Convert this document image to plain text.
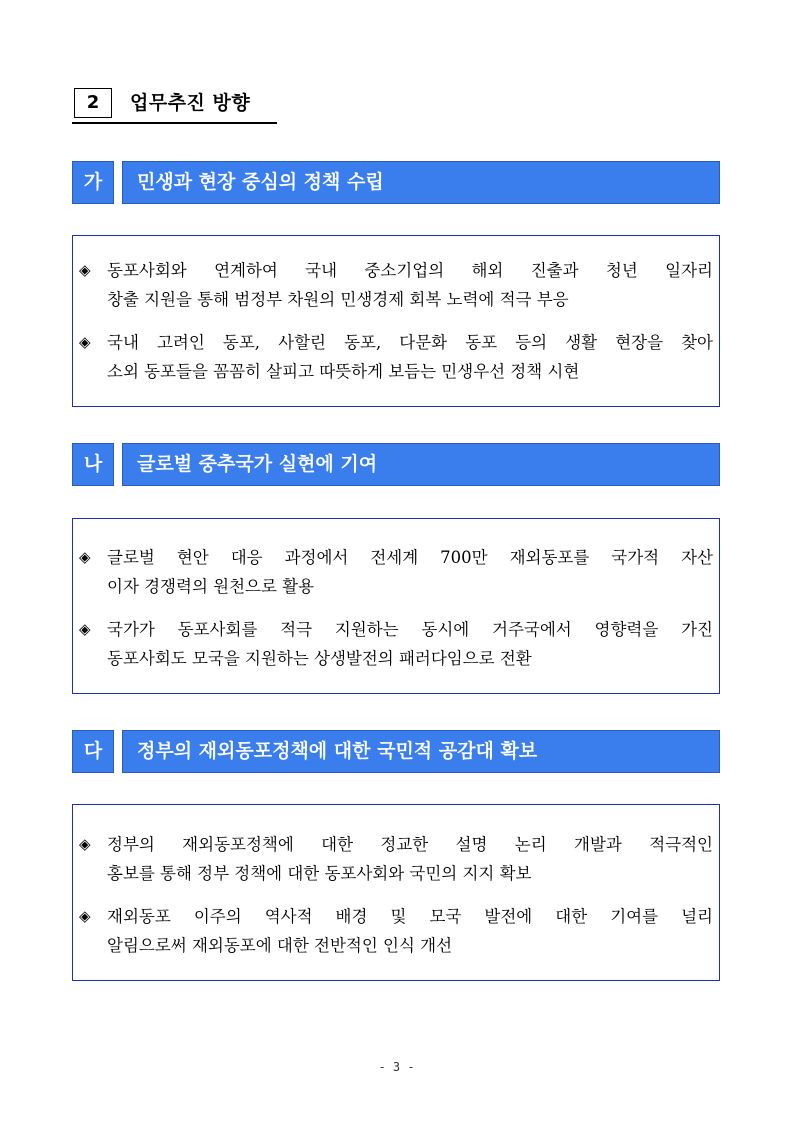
2	업무추진 방향
가	민생과 현장 중심의 정책 수립
◈ 동포사회와 연계하여 국내 중소기업의 해외 진출과 청년 일자리
창출 지원을 통해 범정부 차원의 민생경제 회복 노력에 적극 부응
◈ 국내 고려인 동포, 사할린 동포, 다문화 동포 등의 생활 현장을 찾아
소외 동포들을 꼼꼼히 살피고 따뜻하게 보듬는 민생우선 정책 시현
나	글로벌 중추국가 실현에 기여
◈ 글로벌 현안 대응 과정에서 전세계 700만 재외동포를 국가적 자산
이자 경쟁력의 원천으로 활용
◈ 국가가 동포사회를 적극 지원하는 동시에 거주국에서 영향력을 가진
동포사회도 모국을 지원하는 상생발전의 패러다임으로 전환
다	정부의 재외동포정책에 대한 국민적 공감대 확보
◈ 정부의 재외동포정책에 대한 정교한 설명 논리 개발과 적극적인
홍보를 통해 정부 정책에 대한 동포사회와 국민의 지지 확보
◈ 재외동포 이주의 역사적 배경 및 모국 발전에 대한 기여를 널리
알림으로써 재외동포에 대한 전반적인 인식 개선
- 3 -
